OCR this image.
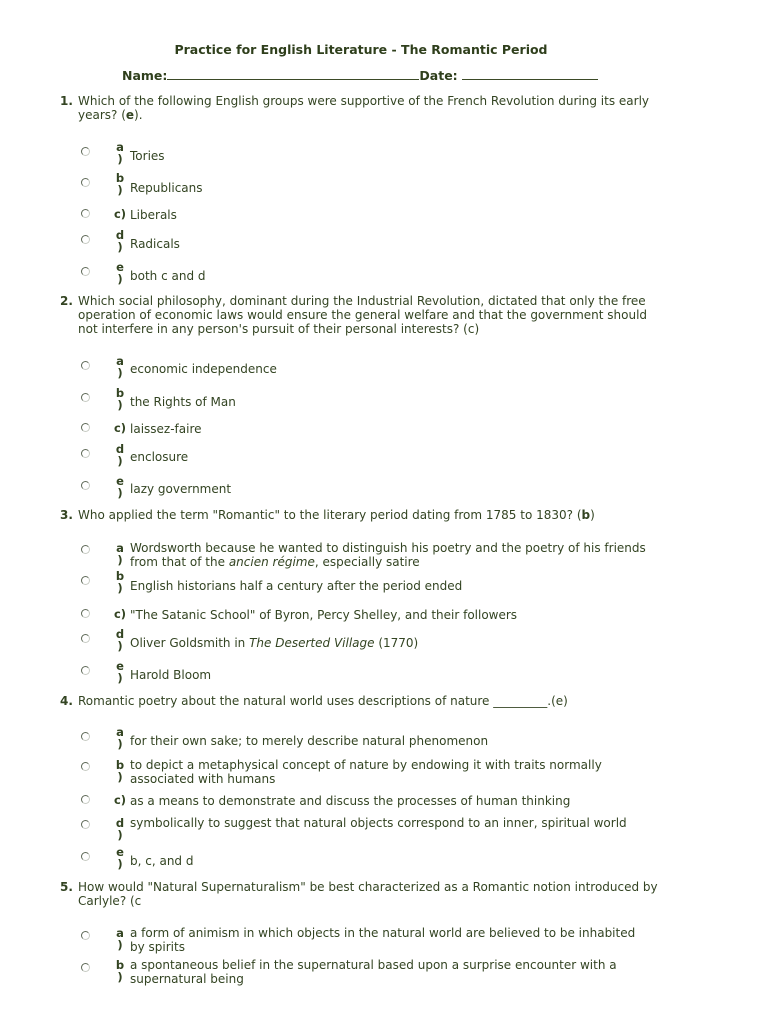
Practice for English Literature - The Romantic Period
Name:	Date:
1. Which of the following English groups were supportive of the French Revolution during its early years? (e).
a
) Tories
b
) Republicans
c) Liberals
d
) Radicals
e
) both c and d
2. Which social philosophy, dominant during the Industrial Revolution, dictated that only the free operation of economic laws would ensure the general welfare and that the government should not interfere in any person's pursuit of their personal interests? (c)
a
) economic independence
b
) the Rights of Man
c) laissez-faire
d
) enclosure
e
) lazy government
3. Who applied the term "Romantic" to the literary period dating from 1785 to 1830? (b)
a
)
Wordsworth because he wanted to distinguish his poetry and the poetry of his friends from that of the ancien régime, especially satire
b
) English historians half a century after the period ended
c) "The Satanic School" of Byron, Percy Shelley, and their followers
d
) Oliver Goldsmith in The Deserted Village (1770)
e
) Harold Bloom
4. Romantic poetry about the natural world uses descriptions of nature _________.(e)
a
) for their own sake; to merely describe natural phenomenon
b
)
to depict a metaphysical concept of nature by endowing it with traits normally associated with humans
c) as a means to demonstrate and discuss the processes of human thinking
d
)
symbolically to suggest that natural objects correspond to an inner, spiritual world
e
) b, c, and d
5. How would "Natural Supernaturalism" be best characterized as a Romantic notion introduced by Carlyle? (c
a
)
a form of animism in which objects in the natural world are believed to be inhabited by spirits
b
)
a spontaneous belief in the supernatural based upon a surprise encounter with a supernatural being
